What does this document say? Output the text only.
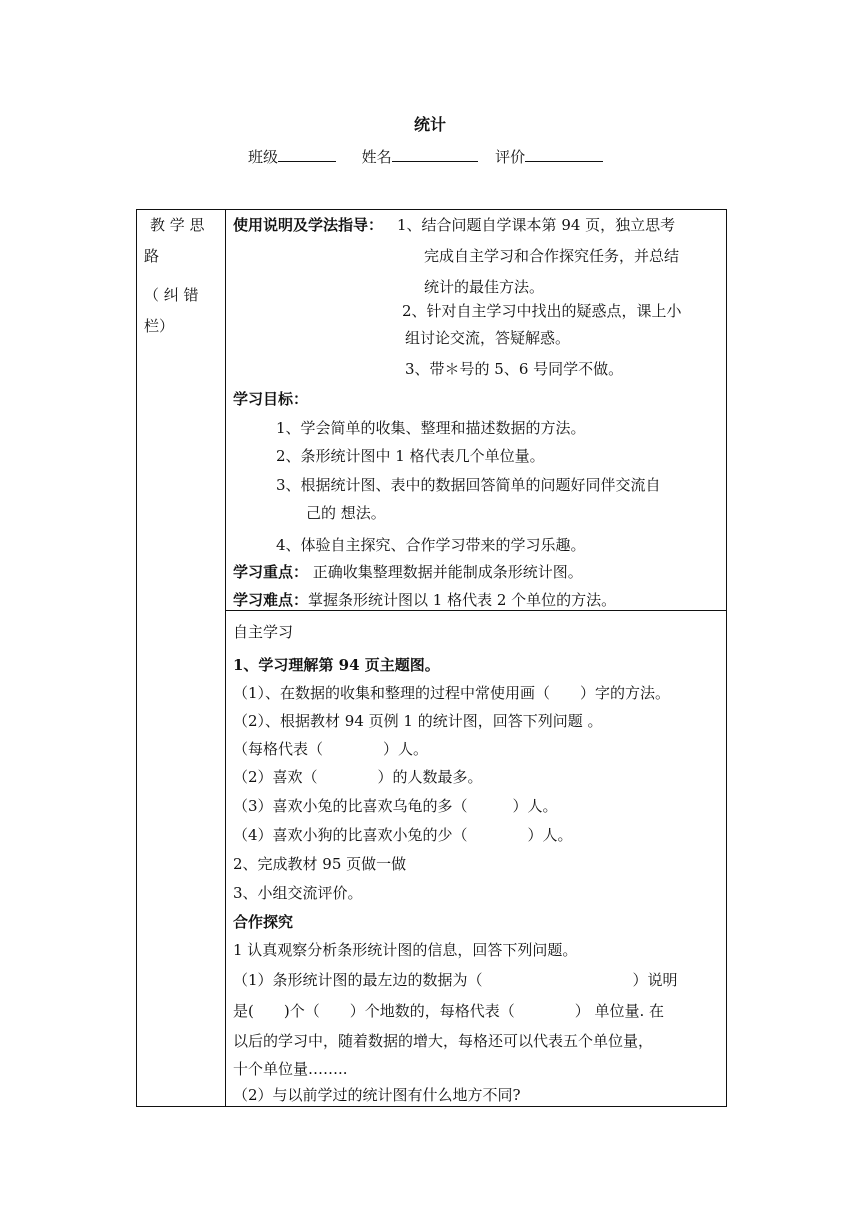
统计
班级	姓名	评价
教 学 思
路
（ 纠 错
栏）
使用说明及学法指导： 1、结合问题自学课本第 94 页，独立思考
完成自主学习和合作探究任务，并总结
统计的最佳方法。
2、针对自主学习中找出的疑惑点，课上小
组讨论交流，答疑解惑。
3、带＊号的 5、6 号同学不做。
学习目标：
1、学会简单的收集、整理和描述数据的方法。
2、条形统计图中 1 格代表几个单位量。
3、根据统计图、表中的数据回答简单的问题好同伴交流自
己的 想法。
4、体验自主探究、合作学习带来的学习乐趣。
学习重点： 正确收集整理数据并能制成条形统计图。
学习难点：掌握条形统计图以 1 格代表 2 个单位的方法。
自主学习
1、学习理解第 94 页主题图。
（1）、在数据的收集和整理的过程中常使用画（　　）字的方法。
（2）、根据教材 94 页例 1 的统计图，回答下列问题 。
（每格代表（　　　　）人。
（2）喜欢（　　　　）的人数最多。
（3）喜欢小兔的比喜欢乌龟的多（　　　）人。
（4）喜欢小狗的比喜欢小兔的少（　　　　）人。
2、完成教材 95 页做一做
3、小组交流评价。
合作探究
1 认真观察分析条形统计图的信息，回答下列问题。
（1）条形统计图的最左边的数据为（　　　　　　　　　　）说明
是(　　)个（　　）个地数的，每格代表（　　　　） 单位量. 在
以后的学习中，随着数据的增大，每格还可以代表五个单位量，
十个单位量……..
（2）与以前学过的统计图有什么地方不同?
